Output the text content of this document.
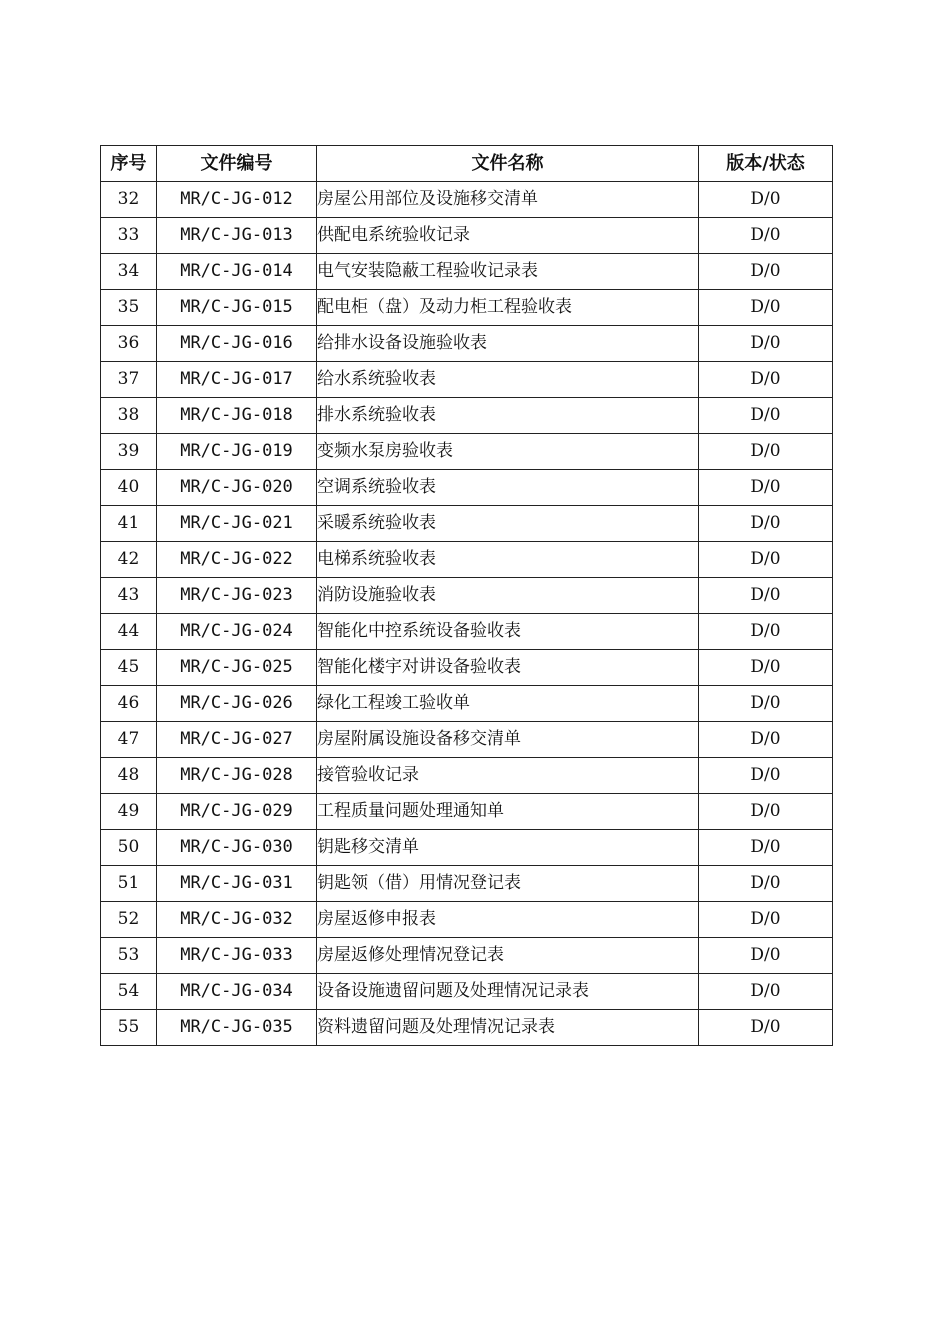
序号	文件编号	文件名称	版本/状态
32	MR/C-JG-012	房屋公用部位及设施移交清单	D/0
33	MR/C-JG-013	供配电系统验收记录	D/0
34	MR/C-JG-014	电气安装隐蔽工程验收记录表	D/0
35	MR/C-JG-015	配电柜（盘）及动力柜工程验收表	D/0
36	MR/C-JG-016	给排水设备设施验收表	D/0
37	MR/C-JG-017	给水系统验收表	D/0
38	MR/C-JG-018	排水系统验收表	D/0
39	MR/C-JG-019	变频水泵房验收表	D/0
40	MR/C-JG-020	空调系统验收表	D/0
41	MR/C-JG-021	采暖系统验收表	D/0
42	MR/C-JG-022	电梯系统验收表	D/0
43	MR/C-JG-023	消防设施验收表	D/0
44	MR/C-JG-024	智能化中控系统设备验收表	D/0
45	MR/C-JG-025	智能化楼宇对讲设备验收表	D/0
46	MR/C-JG-026	绿化工程竣工验收单	D/0
47	MR/C-JG-027	房屋附属设施设备移交清单	D/0
48	MR/C-JG-028	接管验收记录	D/0
49	MR/C-JG-029	工程质量问题处理通知单	D/0
50	MR/C-JG-030	钥匙移交清单	D/0
51	MR/C-JG-031	钥匙领（借）用情况登记表	D/0
52	MR/C-JG-032	房屋返修申报表	D/0
53	MR/C-JG-033	房屋返修处理情况登记表	D/0
54	MR/C-JG-034	设备设施遗留问题及处理情况记录表	D/0
55	MR/C-JG-035	资料遗留问题及处理情况记录表	D/0
